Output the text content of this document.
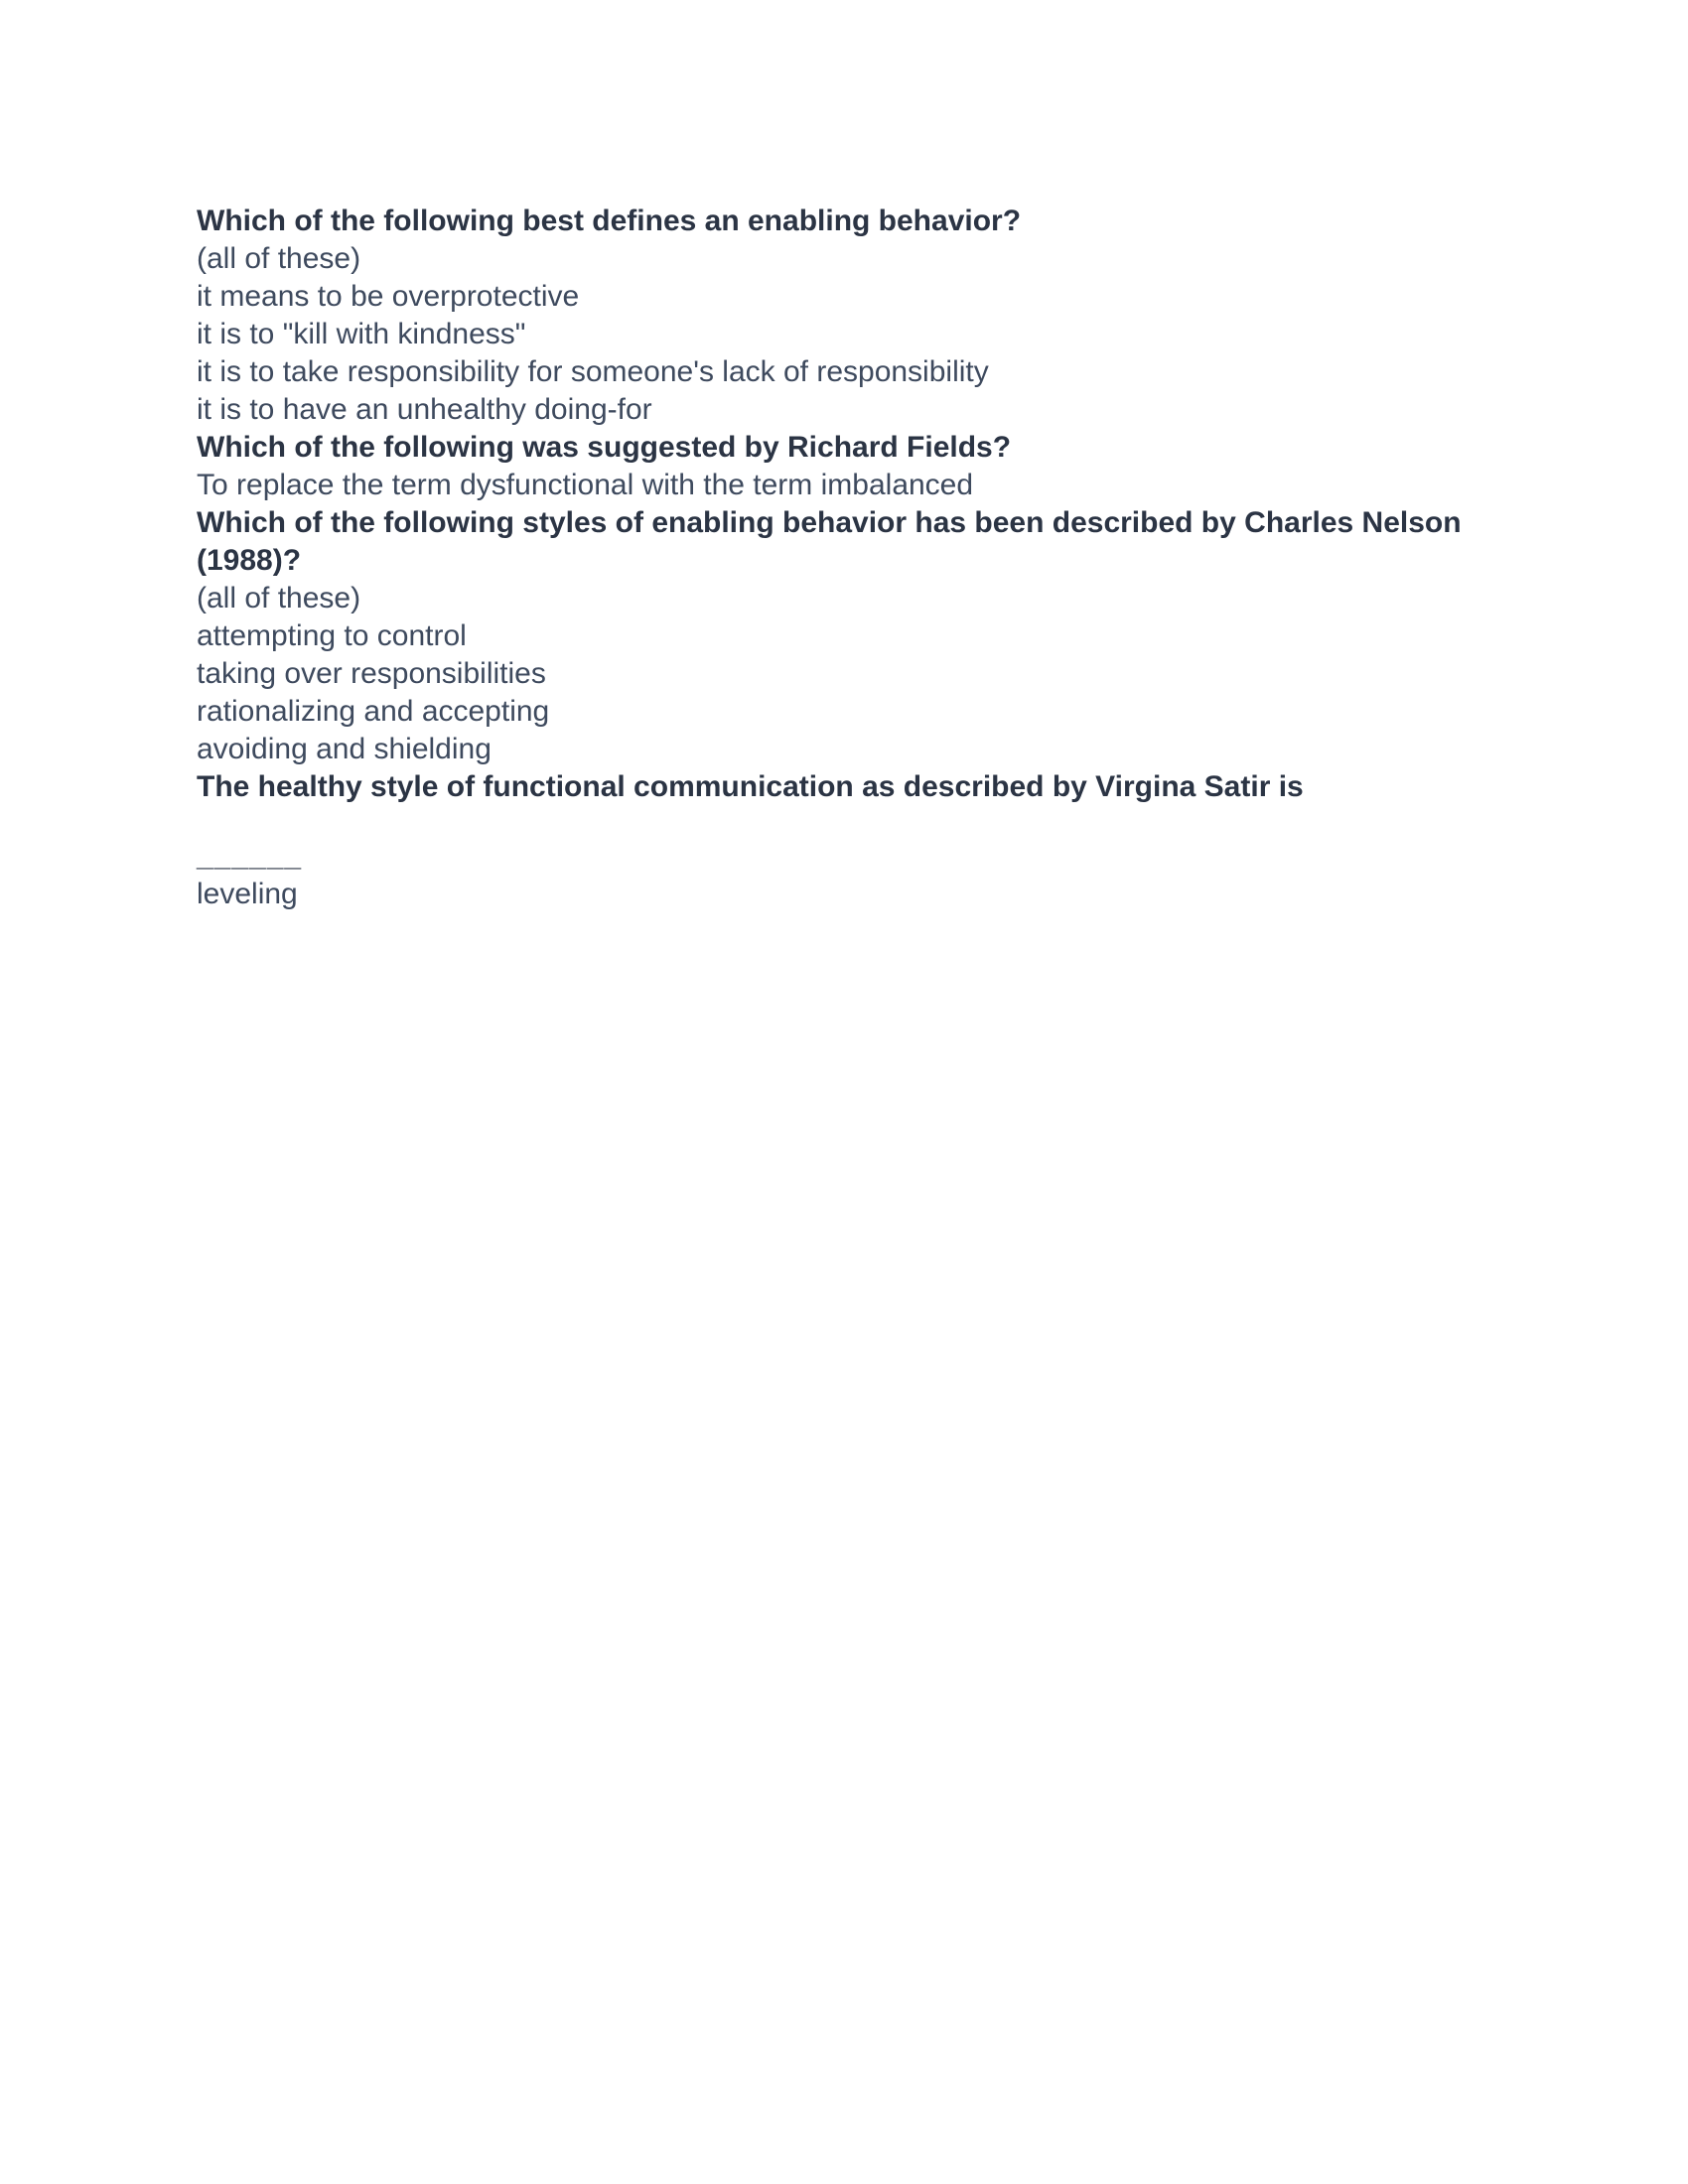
Which of the following best defines an enabling behavior?

(all of these)

it means to be overprotective

it is to "kill with kindness"

it is to take responsibility for someone's lack of responsibility

it is to have an unhealthy doing-for

Which of the following was suggested by Richard Fields?

To replace the term dysfunctional with the term imbalanced

Which of the following styles of enabling behavior has been described by Charles Nelson (1988)?

(all of these)

attempting to control

taking over responsibilities

rationalizing and accepting

avoiding and shielding

The healthy style of functional communication as described by Virgina Satir is
______

leveling
